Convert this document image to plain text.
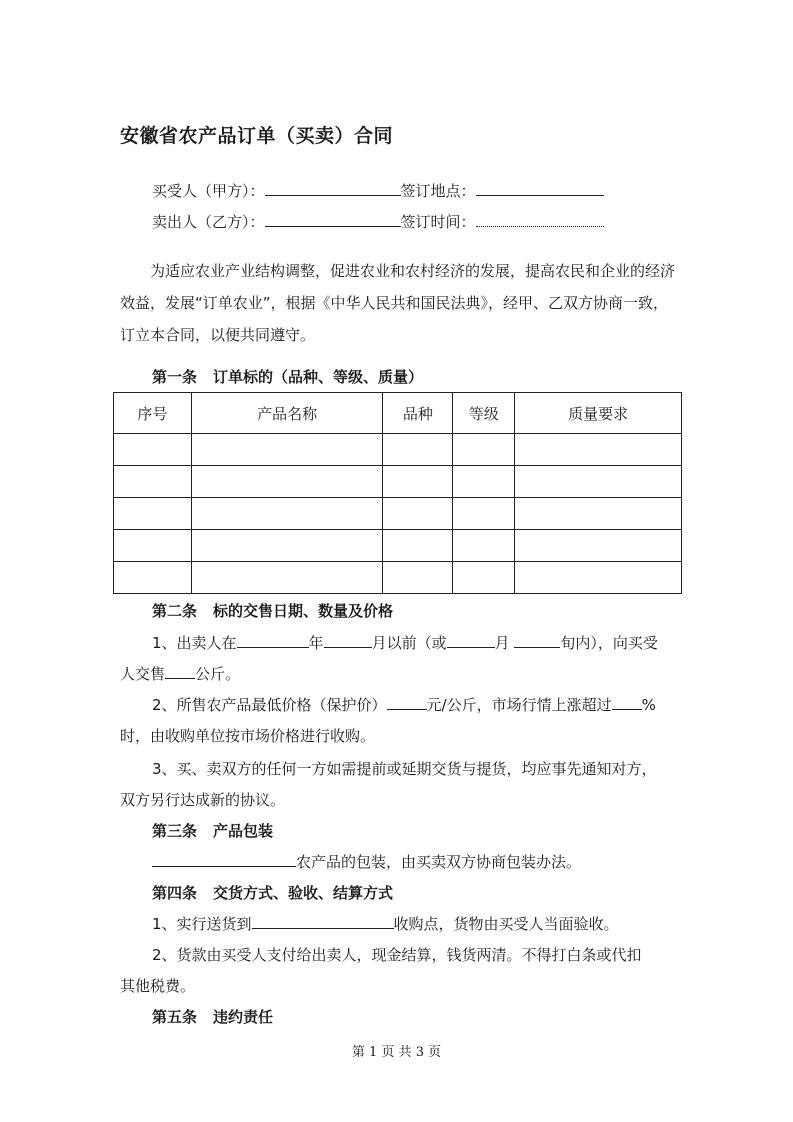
安徽省农产品订单（买卖）合同
买受人（甲方）：	签订地点：
卖出人（乙方）：	签订时间：
为适应农业产业结构调整，促进农业和农村经济的发展，提高农民和企业的经济效益，发展“订单农业”，根据《中华人民共和国民法典》，经甲、乙双方协商一致，订立本合同，以便共同遵守。
第一条 订单标的（品种、等级、质量）
序号	产品名称	品种	等级	质量要求

第二条 标的交售日期、数量及价格
1、出卖人在	年	月以前（或	月	旬内），向买受
人交售 公斤。
2、所售农产品最低价格（保护价）	元/公斤，市场行情上涨超过 %
时，由收购单位按市场价格进行收购。
3、买、卖双方的任何一方如需提前或延期交货与提货，均应事先通知对方，
双方另行达成新的协议。
第三条 产品包装
农产品的包装，由买卖双方协商包装办法。
第四条 交货方式、验收、结算方式
1、实行送货到	收购点，货物由买受人当面验收。
2、货款由买受人支付给出卖人，现金结算，钱货两清。不得打白条或代扣
其他税费。
第五条 违约责任
第 1 页 共 3 页
